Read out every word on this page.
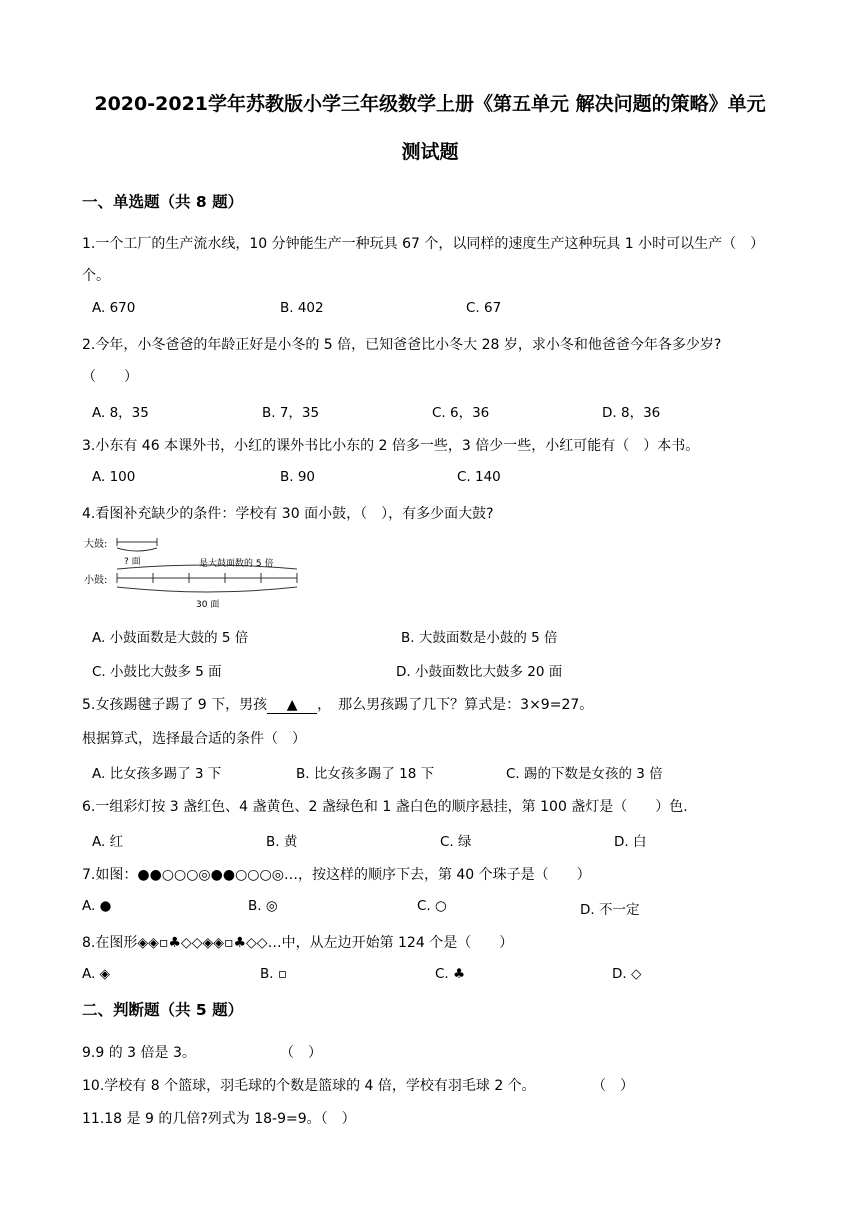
2020-2021学年苏教版小学三年级数学上册《第五单元 解决问题的策略》单元
测试题
一、单选题（共 8 题）
1.一个工厂的生产流水线，10 分钟能生产一种玩具 67 个，以同样的速度生产这种玩具 1 小时可以生产（　）
个。
A. 670	B. 402	C. 67
2.今年，小冬爸爸的年龄正好是小冬的 5 倍，已知爸爸比小冬大 28 岁，求小冬和他爸爸今年各多少岁?
（　　）
A. 8，35	B. 7，35	C. 6，36	D. 8，36
3.小东有 46 本课外书，小红的课外书比小东的 2 倍多一些，3 倍少一些，小红可能有（　）本书。
A. 100	B. 90	C. 140
4.看图补充缺少的条件：学校有 30 面小鼓，（　），有多少面大鼓?
大鼓:
? 面	是大鼓面数的 5 倍
小鼓:
30 面
A. 小鼓面数是大鼓的 5 倍	B. 大鼓面数是小鼓的 5 倍
C. 小鼓比大鼓多 5 面	D. 小鼓面数比大鼓多 20 面
5.女孩踢毽子踢了 9 下，男孩 ▲ ，　那么男孩踢了几下？算式是：3×9=27。
根据算式，选择最合适的条件（　）
A. 比女孩多踢了 3 下	B. 比女孩多踢了 18 下	C. 踢的下数是女孩的 3 倍
6.一组彩灯按 3 盏红色、4 盏黄色、2 盏绿色和 1 盏白色的顺序悬挂，第 100 盏灯是（　　）色.
A. 红	B. 黄	C. 绿	D. 白
7.如图：●●○○○◎●●○○○◎…，按这样的顺序下去，第 40 个珠子是（　　）
A. ●	B. ◎	C. ○	D. 不一定
8.在图形◈◈▫♣◇◇◈◈▫♣◇◇…中，从左边开始第 124 个是（　　）
A. ◈	B. ▫	C. ♣	D. ◇
二、判断题（共 5 题）
9.9 的 3 倍是 3。	（　）
10.学校有 8 个篮球，羽毛球的个数是篮球的 4 倍，学校有羽毛球 2 个。	（　）
11.18 是 9 的几倍?列式为 18-9=9。（　）
